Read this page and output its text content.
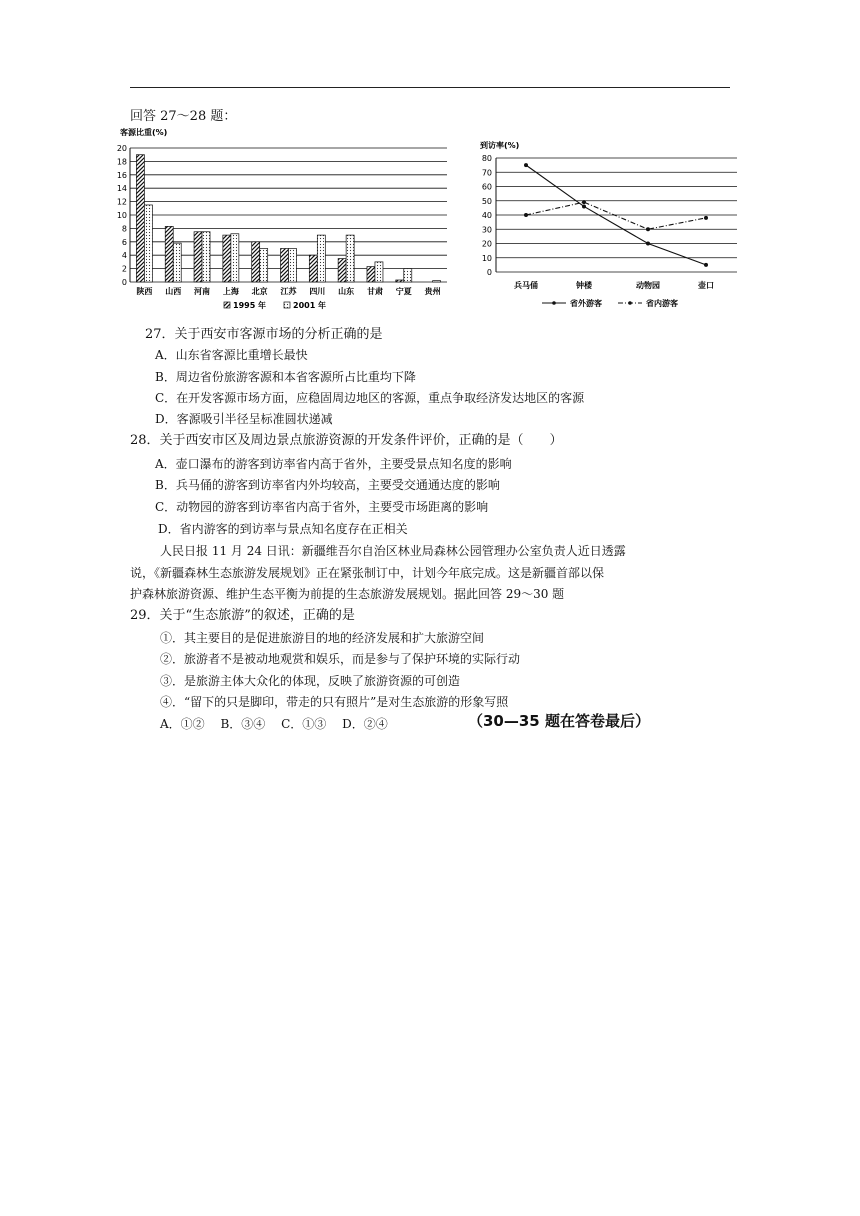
回答 27～28 题：
客源比重(%)
0
2
4
6
8
10
12
14
16
18
20
陕西 山西 河南 上海 北京 江苏 四川 山东 甘肃 宁夏 贵州
1995 年	2001 年
到访率(%)
0
10
20
30
40
50
60
70
80
兵马俑	钟楼	动物园	壶口
省外游客	省内游客
27．关于西安市客源市场的分析正确的是
A．山东省客源比重增长最快
B．周边省份旅游客源和本省客源所占比重均下降
C．在开发客源市场方面，应稳固周边地区的客源，重点争取经济发达地区的客源
D．客源吸引半径呈标准圆状递减
28．关于西安市区及周边景点旅游资源的开发条件评价，正确的是（　　）
A．壶口瀑布的游客到访率省内高于省外，主要受景点知名度的影响
B．兵马俑的游客到访率省内外均较高，主要受交通通达度的影响
C．动物园的游客到访率省内高于省外，主要受市场距离的影响
D．省内游客的到访率与景点知名度存在正相关
人民日报 11 月 24 日讯：新疆维吾尔自治区林业局森林公园管理办公室负责人近日透露
说，《新疆森林生态旅游发展规划》正在紧张制订中，计划今年底完成。这是新疆首部以保
护森林旅游资源、维护生态平衡为前提的生态旅游发展规划。据此回答 29～30 题
29．关于“生态旅游”的叙述，正确的是
①．其主要目的是促进旅游目的地的经济发展和扩大旅游空间
②．旅游者不是被动地观赏和娱乐，而是参与了保护环境的实际行动
③．是旅游主体大众化的体现，反映了旅游资源的可创造
④．“留下的只是脚印，带走的只有照片”是对生态旅游的形象写照
A．①②　 B．③④　 C．①③　 D．②④	（30—35 题在答卷最后）
